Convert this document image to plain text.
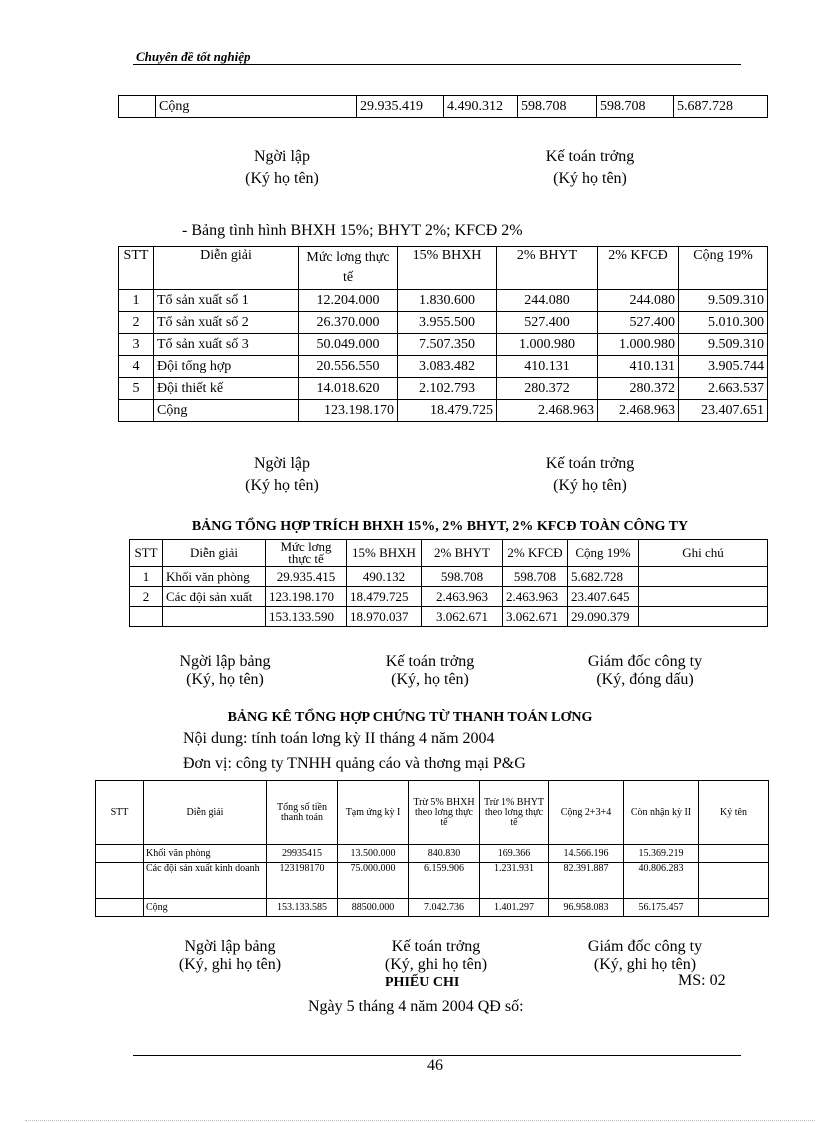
Chuyên đề tốt nghiệp
	Cộng	29.935.419	4.490.312	598.708	598.708	5.687.728
Ngời lập
(Ký họ tên)
Kế toán trởng
(Ký họ tên)
- Bảng tình hình BHXH 15%; BHYT 2%; KFCĐ 2%
STT	Diễn giải	Mức lơng thực tế	15% BHXH	2% BHYT	2% KFCĐ	Cộng 19%
1	Tổ sản xuất số 1	12.204.000	1.830.600	244.080	244.080	9.509.310
2	Tổ sản xuất số 2	26.370.000	3.955.500	527.400	527.400	5.010.300
3	Tổ sản xuất số 3	50.049.000	7.507.350	1.000.980	1.000.980	9.509.310
4	Đội tổng hợp	20.556.550	3.083.482	410.131	410.131	3.905.744
5	Đội thiết kế	14.018.620	2.102.793	280.372	280.372	2.663.537
	Cộng	123.198.170	18.479.725	2.468.963	2.468.963	23.407.651
Ngời lập
(Ký họ tên)
Kế toán trởng
(Ký họ tên)
BẢNG TỔNG HỢP TRÍCH BHXH 15%, 2% BHYT, 2% KFCĐ TOÀN CÔNG TY
STT	Diễn giải	Mức lơng thực tế	15% BHXH	2% BHYT	2% KFCĐ	Cộng 19%	Ghi chú
1	Khối văn phòng	29.935.415	490.132	598.708	598.708	5.682.728	
2	Các đội sản xuất	123.198.170	18.479.725	2.463.963	2.463.963	23.407.645	
		153.133.590	18.970.037	3.062.671	3.062.671	29.090.379	
Ngời lập bảng
(Ký, họ tên)
Kế toán trởng
(Ký, họ tên)
Giám đốc công ty
(Ký, đóng dấu)
BẢNG KÊ TỔNG HỢP CHỨNG TỪ THANH TOÁN LƠNG
Nội dung: tính toán lơng kỳ II tháng 4 năm 2004
Đơn vị: công ty TNHH quảng cáo và thơng mại P&G
STT	Diễn giải	Tổng số tiền thanh toán	Tạm ứng kỳ I	Trừ 5% BHXH theo lơng thực tế	Trừ 1% BHYT theo lơng thực tế	Cộng 2+3+4	Còn nhận kỳ II	Ký tên
	Khối văn phòng	29935415	13.500.000	840.830	169.366	14.566.196	15.369.219	
	Các đội sản xuất kinh doanh	123198170	75.000.000	6.159.906	1.231.931	82.391.887	40.806.283	
	Cộng	153.133.585	88500.000	7.042.736	1.401.297	96.958.083	56.175.457	
Ngời lập bảng
(Ký, ghi họ tên)
Kế toán trởng
(Ký, ghi họ tên)
Giám đốc công ty
(Ký, ghi họ tên)
PHIẾU CHI	MS: 02
Ngày 5 tháng 4 năm 2004 QĐ số:
46
